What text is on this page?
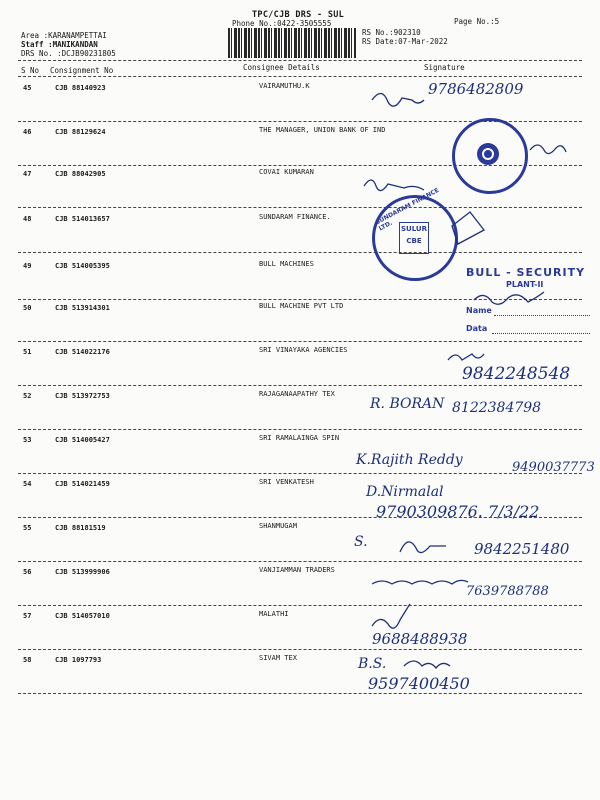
TPC/CJB DRS - SUL
Phone No.:0422-3505555	Page No.:5
Area :KARANAMPETTAI
Staff :MANIKANDAN
DRS No. :DCJB90231805
RS No.:902310
RS Date:07-Mar-2022
S No Consignment No	Consignee Details	Signature
45	CJB 88140923	VAIRAMUTHU.K	9786482809
46	CJB 88129624	THE MANAGER, UNION BANK OF IND
47	CJB 88042905	COVAI KUMARAN
48	CJB 514013657	SUNDARAM FINANCE.
49	CJB 514005395	BULL MACHINES
50	CJB 513914301	BULL MACHINE PVT LTD
51	CJB 514022176	SRI VINAYAKA AGENCIES
9842248548
52	CJB 513972753	RAJAGANAAPATHY TEX
R. BORAN 8122384798
53	CJB 514005427	SRI RAMALAINGA SPIN
K.Rajith Reddy	9490037773
54	CJB 514021459	SRI VENKATESH
D.Nirmalal
9790309876. 7/3/22
55	CJB 88181519	SHANMUGAM
S.	9842251480
56	CJB 513999906	VANJIAMMAN TRADERS
7639788788
57	CJB 514057010	MALATHI
9688488938
58	CJB 1097793	SIVAM TEX	B.S.
9597400450
SUNDARAM FINANCE LTD.	SULUR
CBE
BULL - SECURITY
PLANT-II
Name
Data
